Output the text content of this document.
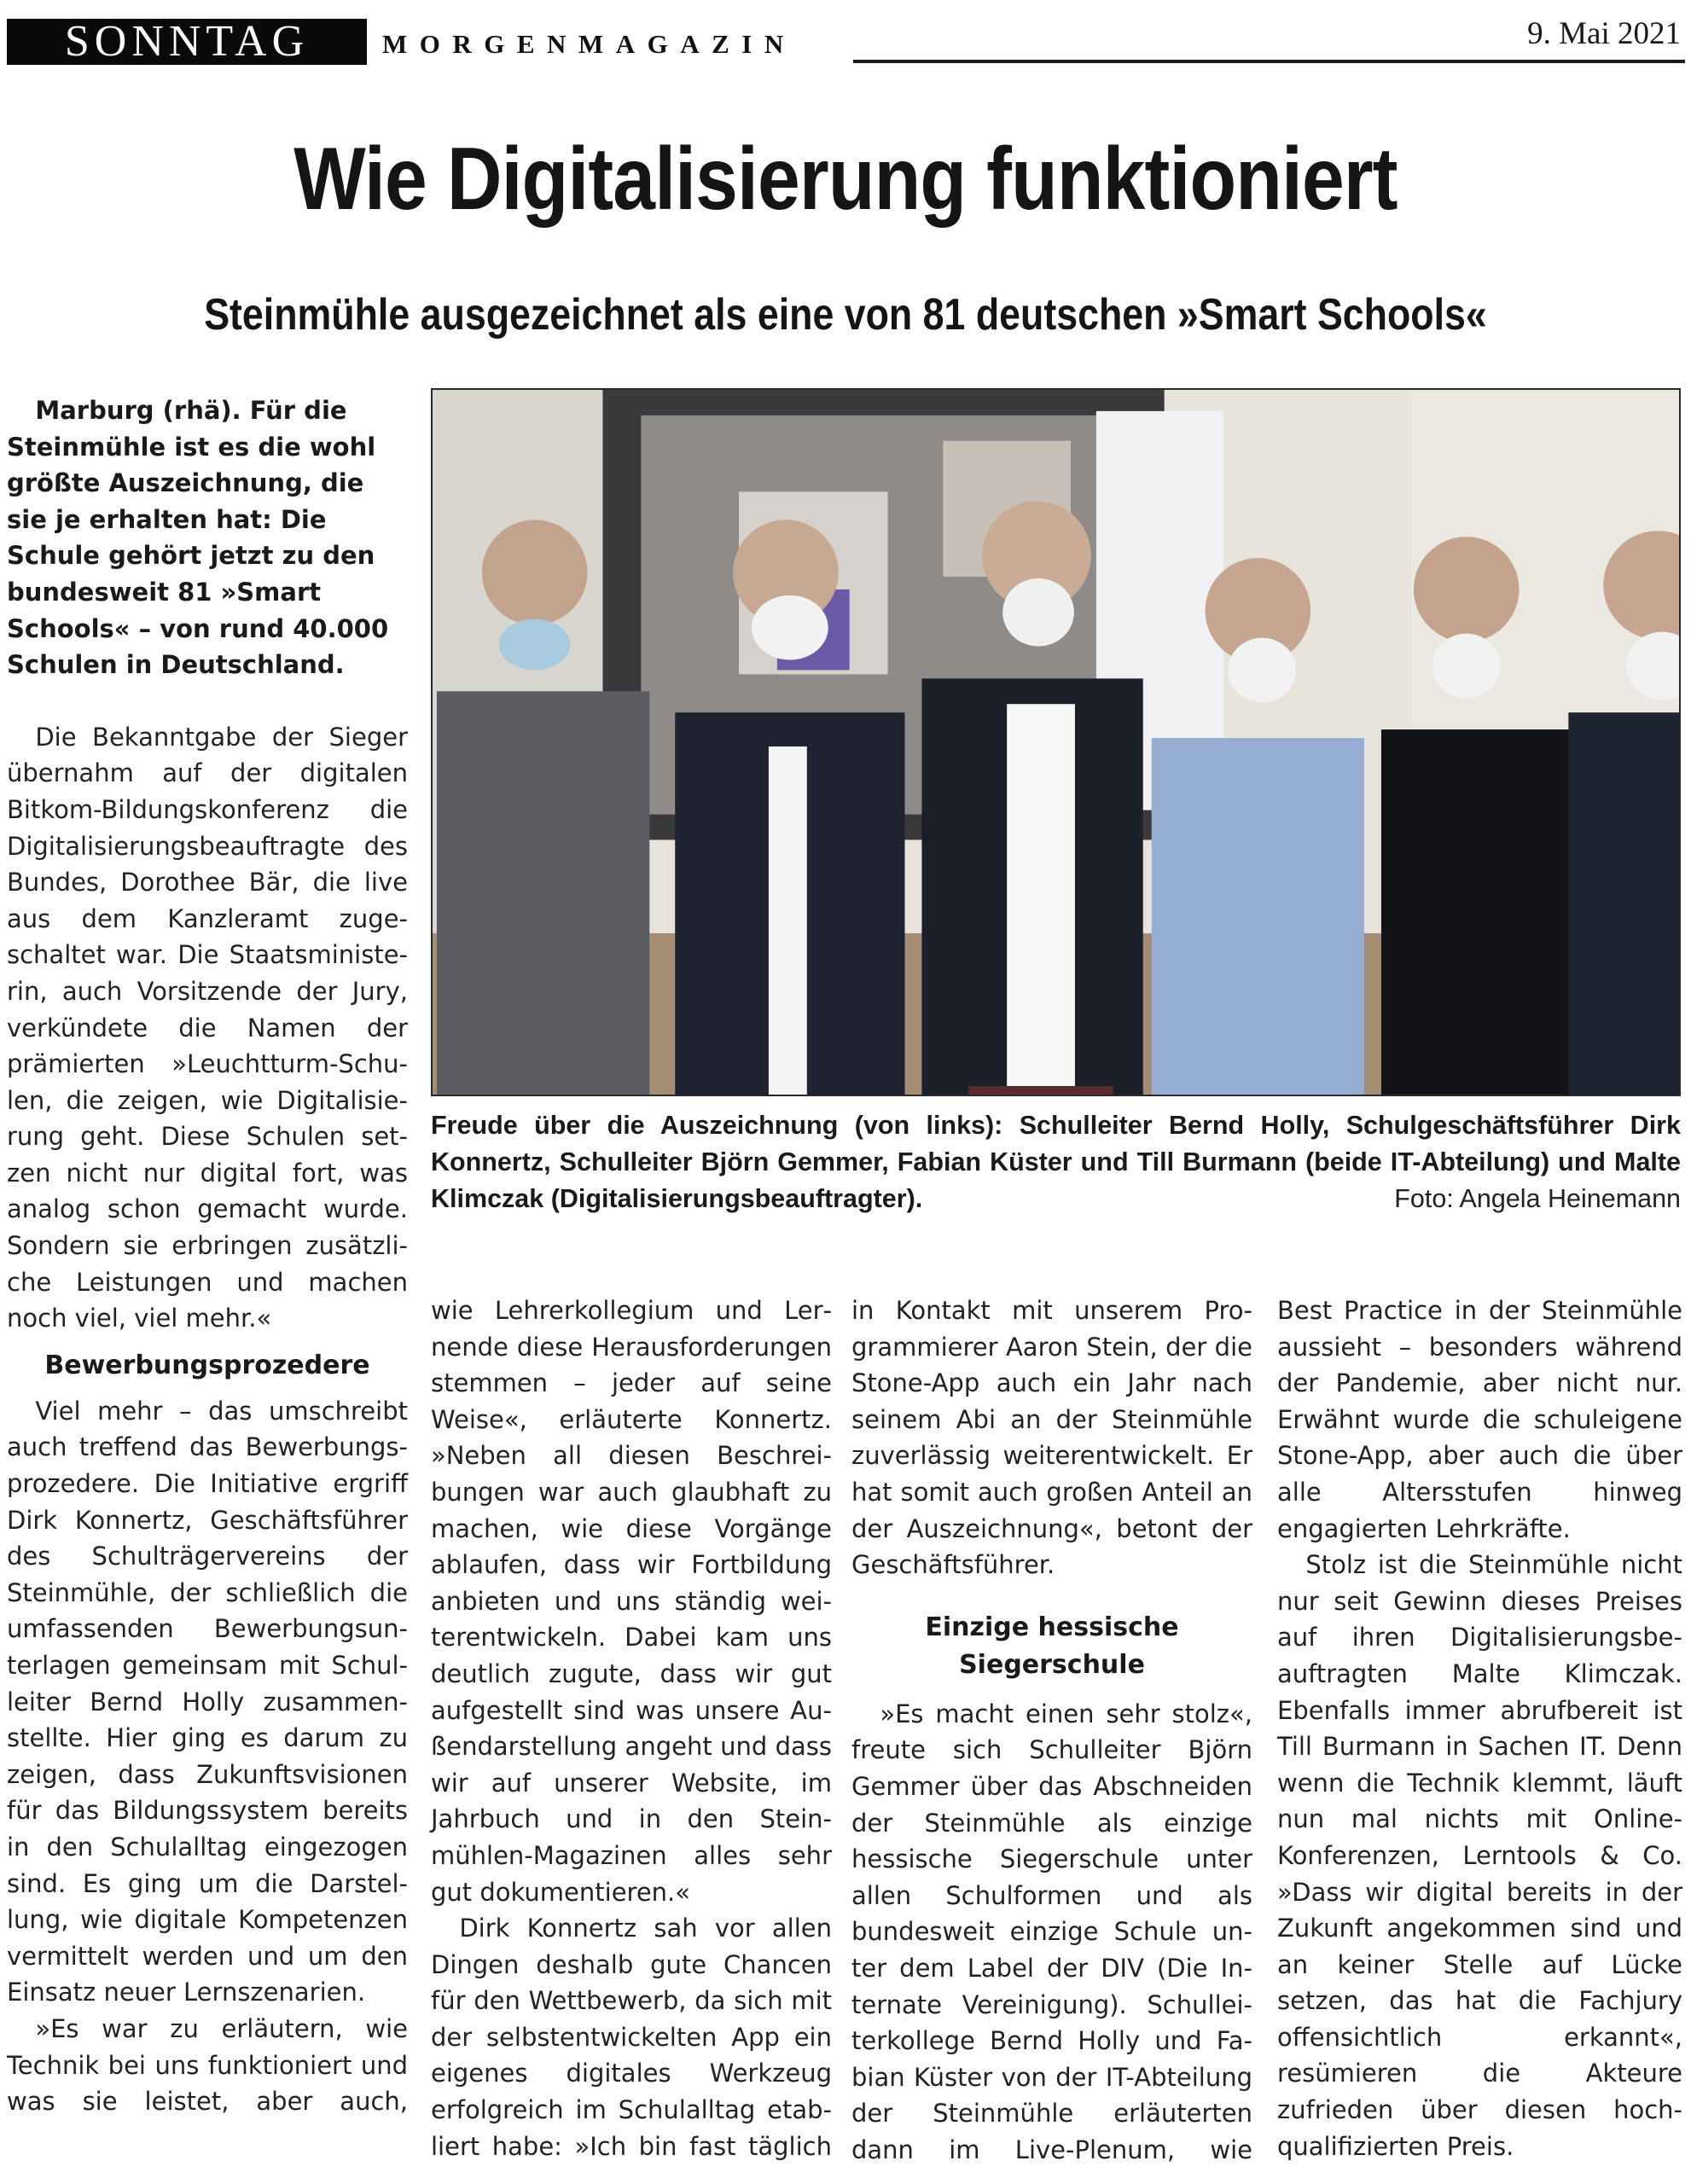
SONNTAG	MORGENMAGAZIN	9. Mai 2021
Wie Digitalisierung funktioniert
Steinmühle ausgezeichnet als eine von 81 deutschen »Smart Schools«

Marburg (rhä). Für die Steinmühle ist es die wohl größte Auszeichnung, die sie je erhalten hat: Die Schule gehört jetzt zu den bundesweit 81 »Smart Schools« – von rund 40.000 Schulen in Deutschland.

Die Bekanntgabe der Sieger übernahm auf der digitalen Bitkom-Bildungskonferenz die Digitalisierungsbeauftragte des Bundes, Dorothee Bär, die live aus dem Kanzleramt zugeschaltet war. Die Staatsministerin, auch Vorsitzende der Jury, verkündete die Namen der prämierten »Leuchtturm-Schulen, die zeigen, wie Digitalisierung geht. Diese Schulen setzen nicht nur digital fort, was analog schon gemacht wurde. Sondern sie erbringen zusätzliche Leistungen und machen noch viel, viel mehr.«

Bewerbungsprozedere

Viel mehr – das umschreibt auch treffend das Bewerbungsprozedere. Die Initiative ergriff Dirk Konnertz, Geschäftsführer des Schulträgervereins der Steinmühle, der schließlich die umfassenden Bewerbungsunterlagen gemeinsam mit Schulleiter Bernd Holly zusammenstellte. Hier ging es darum zu zeigen, dass Zukunftsvisionen für das Bildungssystem bereits in den Schulalltag eingezogen sind. Es ging um die Darstellung, wie digitale Kompetenzen vermittelt werden und um den Einsatz neuer Lernszenarien.

»Es war zu erläutern, wie Technik bei uns funktioniert und was sie leistet, aber auch,

Freude über die Auszeichnung (von links): Schulleiter Bernd Holly, Schulgeschäftsführer Dirk Konnertz, Schulleiter Björn Gemmer, Fabian Küster und Till Burmann (beide IT-Abteilung) und Malte Klimczak (Digitalisierungsbeauftragter).	Foto: Angela Heinemann

wie Lehrerkollegium und Lernende diese Herausforderungen stemmen – jeder auf seine Weise«, erläuterte Konnertz. »Neben all diesen Beschreibungen war auch glaubhaft zu machen, wie diese Vorgänge ablaufen, dass wir Fortbildung anbieten und uns ständig weiterentwickeln. Dabei kam uns deutlich zugute, dass wir gut aufgestellt sind was unsere Außendarstellung angeht und dass wir auf unserer Website, im Jahrbuch und in den Steinmühlen-Magazinen alles sehr gut dokumentieren.«

Dirk Konnertz sah vor allen Dingen deshalb gute Chancen für den Wettbewerb, da sich mit der selbstentwickelten App ein eigenes digitales Werkzeug erfolgreich im Schulalltag etabliert habe: »Ich bin fast täglich

in Kontakt mit unserem Programmierer Aaron Stein, der die Stone-App auch ein Jahr nach seinem Abi an der Steinmühle zuverlässig weiterentwickelt. Er hat somit auch großen Anteil an der Auszeichnung«, betont der Geschäftsführer.

Einzige hessische Siegerschule

»Es macht einen sehr stolz«, freute sich Schulleiter Björn Gemmer über das Abschneiden der Steinmühle als einzige hessische Siegerschule unter allen Schulformen und als bundesweit einzige Schule unter dem Label der DIV (Die Internate Vereinigung). Schulleiterkollege Bernd Holly und Fabian Küster von der IT-Abteilung der Steinmühle erläuterten dann im Live-Plenum, wie

Best Practice in der Steinmühle aussieht – besonders während der Pandemie, aber nicht nur. Erwähnt wurde die schuleigene Stone-App, aber auch die über alle Altersstufen hinweg engagierten Lehrkräfte.

Stolz ist die Steinmühle nicht nur seit Gewinn dieses Preises auf ihren Digitalisierungsbeauftragten Malte Klimczak. Ebenfalls immer abrufbereit ist Till Burmann in Sachen IT. Denn wenn die Technik klemmt, läuft nun mal nichts mit Online-Konferenzen, Lerntools & Co. »Dass wir digital bereits in der Zukunft angekommen sind und an keiner Stelle auf Lücke setzen, das hat die Fachjury offensichtlich erkannt«, resümieren die Akteure zufrieden über diesen hochqualifizierten Preis.
